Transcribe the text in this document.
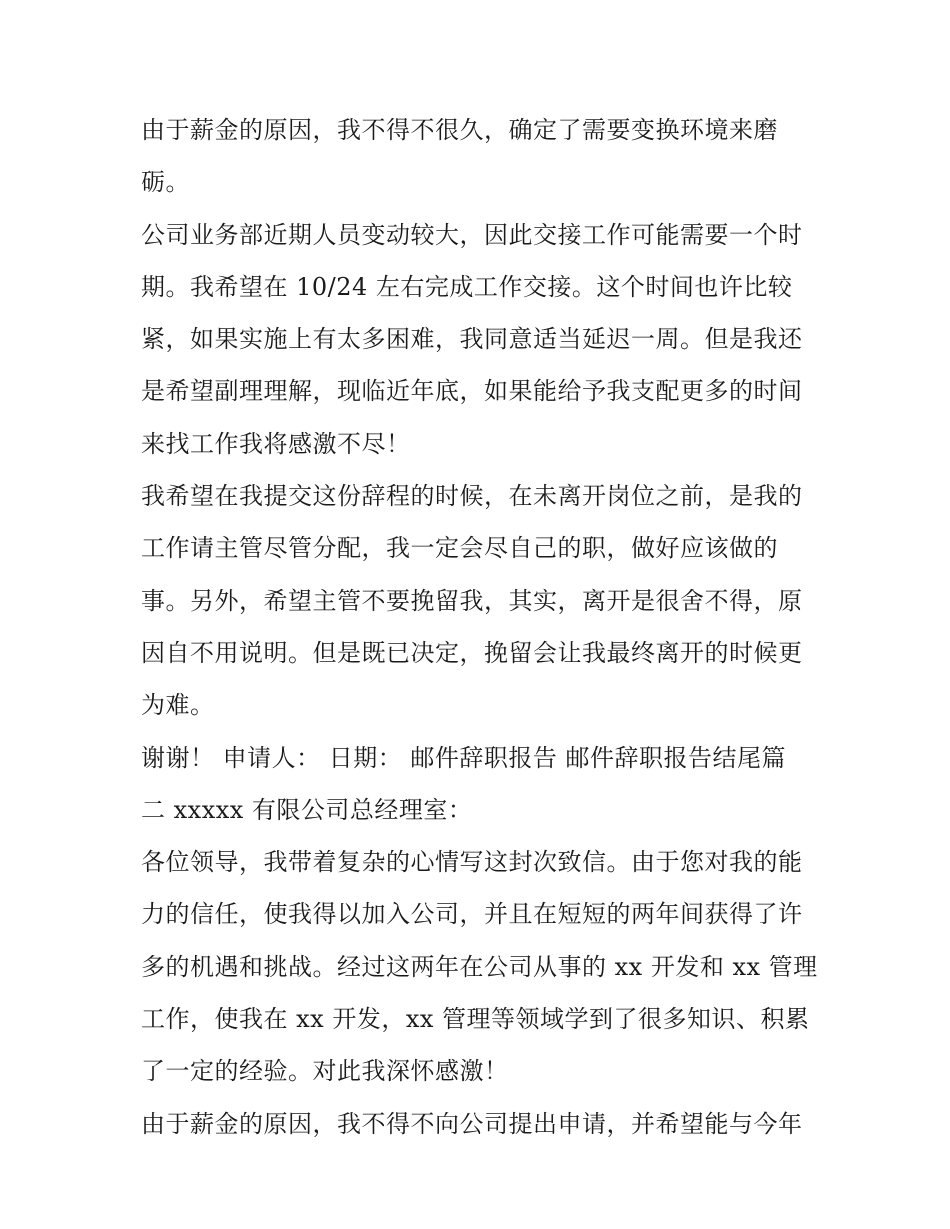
由于薪金的原因，我不得不很久，确定了需要变换环境来磨
砺。
公司业务部近期人员变动较大，因此交接工作可能需要一个时
期。我希望在 10/24 左右完成工作交接。这个时间也许比较
紧，如果实施上有太多困难，我同意适当延迟一周。但是我还
是希望副理理解，现临近年底，如果能给予我支配更多的时间
来找工作我将感激不尽！
我希望在我提交这份辞程的时候，在未离开岗位之前，是我的
工作请主管尽管分配，我一定会尽自己的职，做好应该做的
事。另外，希望主管不要挽留我，其实，离开是很舍不得，原
因自不用说明。但是既已决定，挽留会让我最终离开的时候更
为难。
谢谢！ 申请人： 日期： 邮件辞职报告 邮件辞职报告结尾篇
二 xxxxx 有限公司总经理室：
各位领导，我带着复杂的心情写这封次致信。由于您对我的能
力的信任，使我得以加入公司，并且在短短的两年间获得了许
多的机遇和挑战。经过这两年在公司从事的 xx 开发和 xx 管理
工作，使我在 xx 开发，xx 管理等领域学到了很多知识、积累
了一定的经验。对此我深怀感激！
由于薪金的原因，我不得不向公司提出申请，并希望能与今年
